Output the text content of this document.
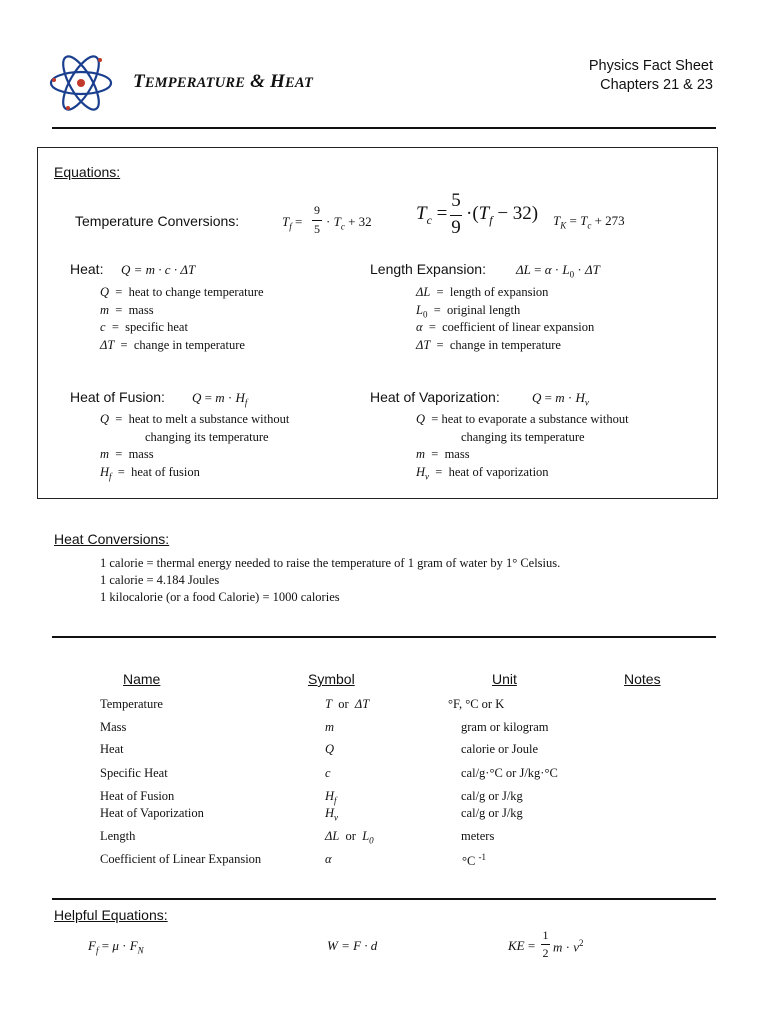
TEMPERATURE & HEAT
Physics Fact Sheet
Chapters 21 & 23
Equations:
Temperature Conversions:	$T_f$ =
9
$5 \cdot T_c + 32$ $T_c$ =
5
9
$\cdot(T_f - 32) T_K = T_c + 273$
Heat: Q = m · c · ΔT
Q  =  heat to change temperature
m  =  mass
c  =  specific heat
ΔT  =  change in temperature
Length Expansion: $\Delta L = \alpha \cdot L_0 \cdot \Delta T$
ΔL  =  length of expansion
$L_0$  =  original length
α  =  coefficient of linear expansion
ΔT  =  change in temperature
Heat of Fusion: $Q = m \cdot H_f$
Q  =  heat to melt a substance without
changing its temperature
m  =  mass
$H_f$  =  heat of fusion
Heat of Vaporization: $Q = m \cdot H_v$
Q  = heat to evaporate a substance without
changing its temperature
m  =  mass
$H_v$  =  heat of vaporization
Heat Conversions:
1 calorie = thermal energy needed to raise the temperature of 1 gram of water by 1° Celsius.
1 calorie = 4.184 Joules
1 kilocalorie (or a food Calorie) = 1000 calories
Name	Symbol	Unit	Notes
Temperature	T  or  ΔT	°F, °C or K
Mass	m	gram or kilogram
Heat	Q	calorie or Joule
Specific Heat	c	cal/g·°C or J/kg·°C
Heat of Fusion	$H_f$	cal/g or J/kg
Heat of Vaporization	$H_v$	cal/g or J/kg
Length	ΔL  or  $L_0$	meters
Coefficient of Linear Expansion	α	°C $^{-1}$
Helpful Equations:
$F_f = \mu \cdot F_N$	W = F · d	KE =
1
2 $m \cdot v^2$
